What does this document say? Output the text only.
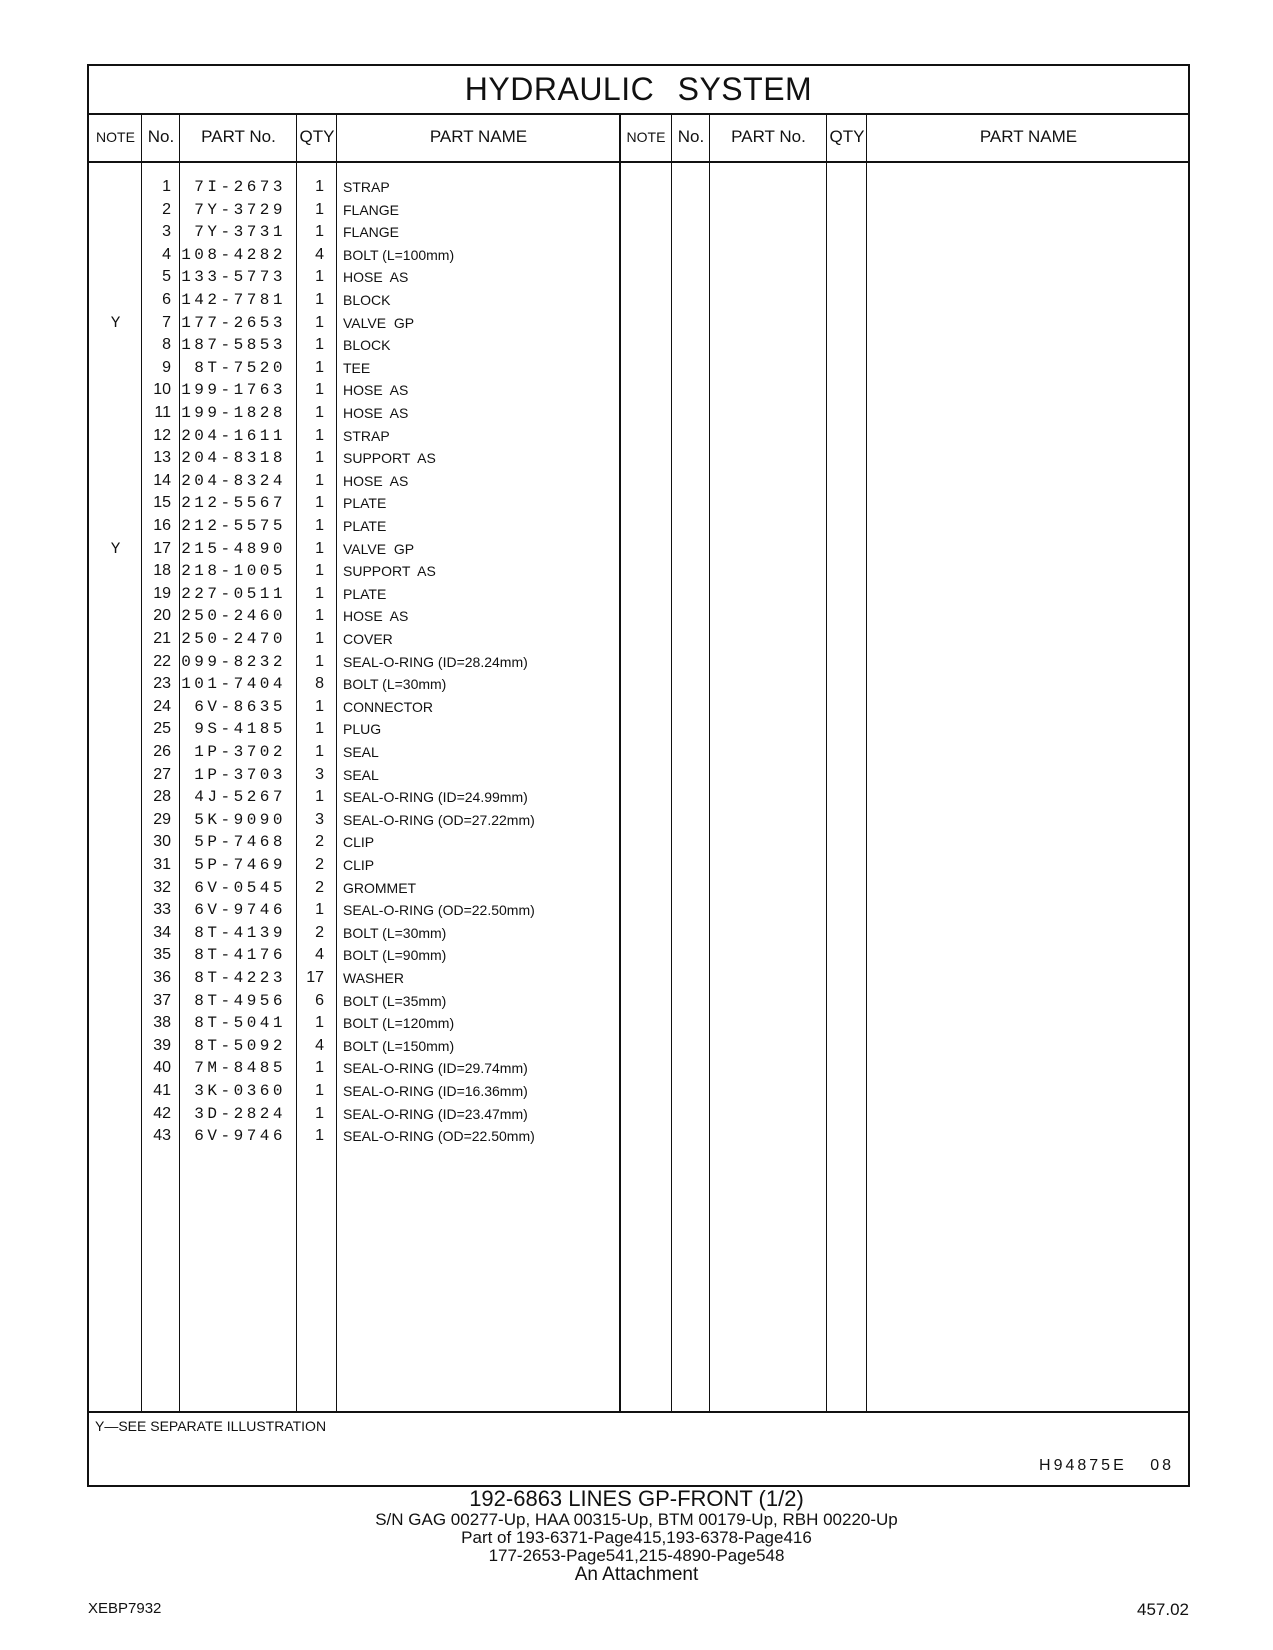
HYDRAULIC SYSTEM
NOTE No.	PART No.	QTY	PART NAME	NOTE No.	PART No.	QTY	PART NAME
1	7I-2673	1 STRAP
2	7Y-3729	1 FLANGE
3	7Y-3731	1 FLANGE
4 108-4282	4 BOLT (L=100mm)
5 133-5773	1 HOSE  AS
6 142-7781	1 BLOCK
Y	7 177-2653	1 VALVE  GP
8 187-5853	1 BLOCK
9	8T-7520	1 TEE
10 199-1763	1 HOSE  AS
11 199-1828	1 HOSE  AS
12 204-1611	1 STRAP
13 204-8318	1 SUPPORT  AS
14 204-8324	1 HOSE  AS
15 212-5567	1 PLATE
16 212-5575	1 PLATE
Y	17 215-4890	1 VALVE  GP
18 218-1005	1 SUPPORT  AS
19 227-0511	1 PLATE
20 250-2460	1 HOSE  AS
21 250-2470	1 COVER
22 099-8232	1 SEAL-O-RING (ID=28.24mm)
23 101-7404	8 BOLT (L=30mm)
24	6V-8635	1 CONNECTOR
25	9S-4185	1 PLUG
26	1P-3702	1 SEAL
27	1P-3703	3 SEAL
28	4J-5267	1 SEAL-O-RING (ID=24.99mm)
29	5K-9090	3 SEAL-O-RING (OD=27.22mm)
30	5P-7468	2 CLIP
31	5P-7469	2 CLIP
32	6V-0545	2 GROMMET
33	6V-9746	1 SEAL-O-RING (OD=22.50mm)
34	8T-4139	2 BOLT (L=30mm)
35	8T-4176	4 BOLT (L=90mm)
36	8T-4223	17 WASHER
37	8T-4956	6 BOLT (L=35mm)
38	8T-5041	1 BOLT (L=120mm)
39	8T-5092	4 BOLT (L=150mm)
40	7M-8485	1 SEAL-O-RING (ID=29.74mm)
41	3K-0360	1 SEAL-O-RING (ID=16.36mm)
42	3D-2824	1 SEAL-O-RING (ID=23.47mm)
43	6V-9746	1 SEAL-O-RING (OD=22.50mm)
Y—SEE SEPARATE ILLUSTRATION
H94875E 08
192-6863 LINES GP-FRONT (1/2)
S/N GAG 00277-Up, HAA 00315-Up, BTM 00179-Up, RBH 00220-Up
Part of 193-6371-Page415,193-6378-Page416
177-2653-Page541,215-4890-Page548
An Attachment
XEBP7932	457.02
